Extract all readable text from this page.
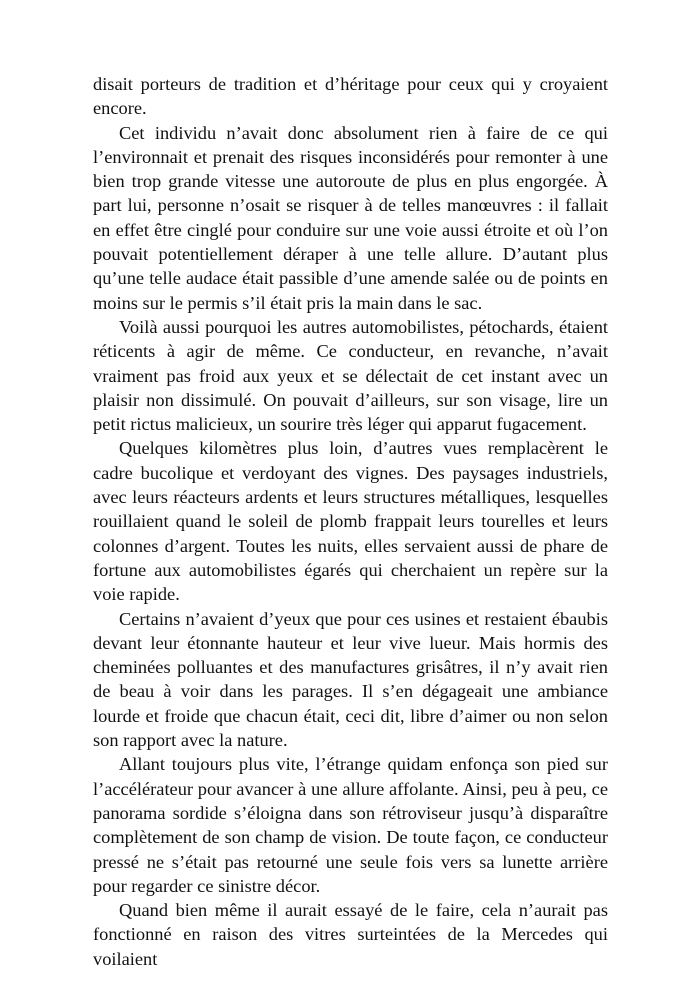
disait porteurs de tradition et d’héritage pour ceux qui y croyaient encore.

Cet individu n’avait donc absolument rien à faire de ce qui l’environnait et prenait des risques inconsidérés pour remonter à une bien trop grande vitesse une autoroute de plus en plus engorgée. À part lui, personne n’osait se risquer à de telles manœuvres : il fallait en effet être cinglé pour conduire sur une voie aussi étroite et où l’on pouvait potentiellement déraper à une telle allure. D’autant plus qu’une telle audace était passible d’une amende salée ou de points en moins sur le permis s’il était pris la main dans le sac.

Voilà aussi pourquoi les autres automobilistes, pétochards, étaient réticents à agir de même. Ce conducteur, en revanche, n’avait vraiment pas froid aux yeux et se délectait de cet instant avec un plaisir non dissimulé. On pouvait d’ailleurs, sur son visage, lire un petit rictus malicieux, un sourire très léger qui apparut fugacement.

Quelques kilomètres plus loin, d’autres vues remplacèrent le cadre bucolique et verdoyant des vignes. Des paysages industriels, avec leurs réacteurs ardents et leurs structures métalliques, lesquelles rouillaient quand le soleil de plomb frappait leurs tourelles et leurs colonnes d’argent. Toutes les nuits, elles servaient aussi de phare de fortune aux automobilistes égarés qui cherchaient un repère sur la voie rapide.

Certains n’avaient d’yeux que pour ces usines et restaient ébaubis devant leur étonnante hauteur et leur vive lueur. Mais hormis des cheminées polluantes et des manufactures grisâtres, il n’y avait rien de beau à voir dans les parages. Il s’en dégageait une ambiance lourde et froide que chacun était, ceci dit, libre d’aimer ou non selon son rapport avec la nature.

Allant toujours plus vite, l’étrange quidam enfonça son pied sur l’accélérateur pour avancer à une allure affolante. Ainsi, peu à peu, ce panorama sordide s’éloigna dans son rétroviseur jusqu’à disparaître complètement de son champ de vision. De toute façon, ce conducteur pressé ne s’était pas retourné une seule fois vers sa lunette arrière pour regarder ce sinistre décor.

Quand bien même il aurait essayé de le faire, cela n’aurait pas fonctionné en raison des vitres surteintées de la Mercedes qui voilaient
